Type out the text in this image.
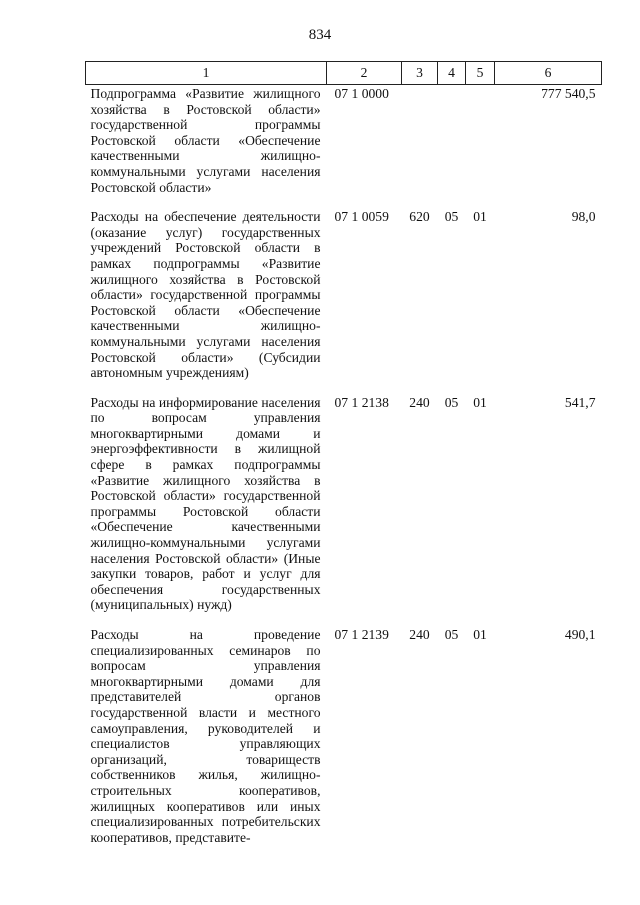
834
1	2	3	4	5	6
Подпрограмма «Развитие жилищного хозяйства в Ростовской области» государственной программы Ростовской области «Обеспечение качественными жилищно-коммунальными услугами населения Ростовской области»	07 1 0000				777 540,5
Расходы на обеспечение деятельности (оказание услуг) государственных учреждений Ростовской области в рамках подпрограммы «Развитие жилищного хозяйства в Ростовской области» государственной программы Ростовской области «Обеспечение качественными жилищно-коммунальными услугами населения Ростовской области» (Субсидии автономным учреждениям)	07 1 0059	620	05	01	98,0
Расходы на информирование населения по вопросам управления многоквартирными домами и энергоэффективности в жилищной сфере в рамках подпрограммы «Развитие жилищного хозяйства в Ростовской области» государственной программы Ростовской области «Обеспечение качественными жилищно-коммунальными услугами населения Ростовской области» (Иные закупки товаров, работ и услуг для обеспечения государственных (муниципальных) нужд)	07 1 2138	240	05	01	541,7
Расходы на проведение специализированных семинаров по вопросам управления многоквартирными домами для представителей органов государственной власти и местного самоуправления, руководителей и специалистов управляющих организаций, товариществ собственников жилья, жилищно-строительных кооперативов, жилищных кооперативов или иных специализированных потребительских кооперативов, представите-	07 1 2139	240	05	01	490,1
